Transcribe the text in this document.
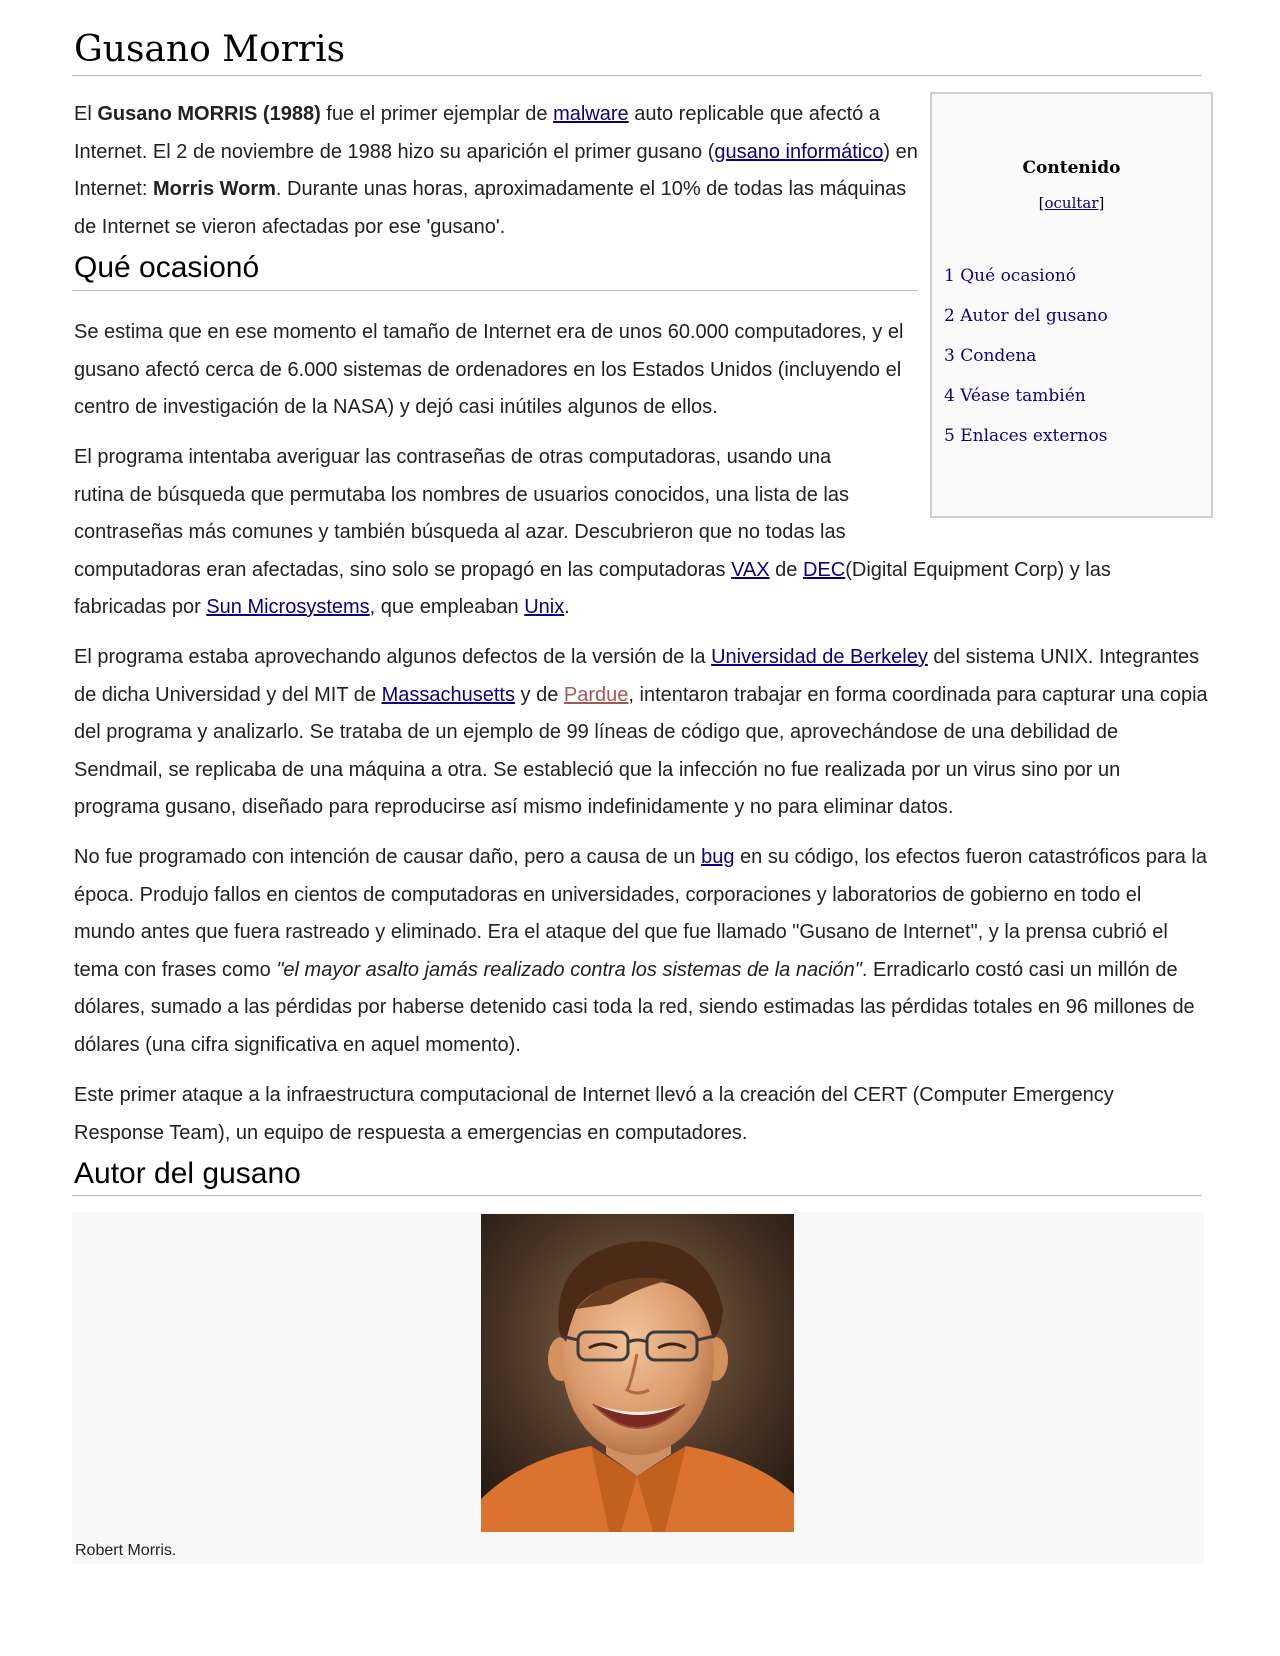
Gusano Morris
Contenido
[ocultar]
1 Qué ocasionó
2 Autor del gusano
3 Condena
4 Véase también
5 Enlaces externos

El Gusano MORRIS (1988) fue el primer ejemplar de malware auto replicable que afectó a Internet. El 2 de noviembre de 1988 hizo su aparición el primer gusano (gusano informático) en Internet: Morris Worm. Durante unas horas, aproximadamente el 10% de todas las máquinas de Internet se vieron afectadas por ese 'gusano'.

Qué ocasionó

Se estima que en ese momento el tamaño de Internet era de unos 60.000 computadores, y el gusano afectó cerca de 6.000 sistemas de ordenadores en los Estados Unidos (incluyendo el centro de investigación de la NASA) y dejó casi inútiles algunos de ellos.

El programa intentaba averiguar las contraseñas de otras computadoras, usando una
rutina de búsqueda que permutaba los nombres de usuarios conocidos, una lista de las
contraseñas más comunes y también búsqueda al azar. Descubrieron que no todas las
computadoras eran afectadas, sino solo se propagó en las computadoras VAX de DEC(Digital Equipment Corp) y las fabricadas por Sun Microsystems, que empleaban Unix.

El programa estaba aprovechando algunos defectos de la versión de la Universidad de Berkeley del sistema UNIX. Integrantes de dicha Universidad y del MIT de Massachusetts y de Pardue, intentaron trabajar en forma coordinada para capturar una copia del programa y analizarlo. Se trataba de un ejemplo de 99 líneas de código que, aprovechándose de una debilidad de Sendmail, se replicaba de una máquina a otra. Se estableció que la infección no fue realizada por un virus sino por un programa gusano, diseñado para reproducirse así mismo indefinidamente y no para eliminar datos.

No fue programado con intención de causar daño, pero a causa de un bug en su código, los efectos fueron catastróficos para la época. Produjo fallos en cientos de computadoras en universidades, corporaciones y laboratorios de gobierno en todo el mundo antes que fuera rastreado y eliminado. Era el ataque del que fue llamado "Gusano de Internet", y la prensa cubrió el tema con frases como "el mayor asalto jamás realizado contra los sistemas de la nación". Erradicarlo costó casi un millón de dólares, sumado a las pérdidas por haberse detenido casi toda la red, siendo estimadas las pérdidas totales en 96 millones de dólares (una cifra significativa en aquel momento).

Este primer ataque a la infraestructura computacional de Internet llevó a la creación del CERT (Computer Emergency Response Team), un equipo de respuesta a emergencias en computadores.

Autor del gusano
Robert Morris.
